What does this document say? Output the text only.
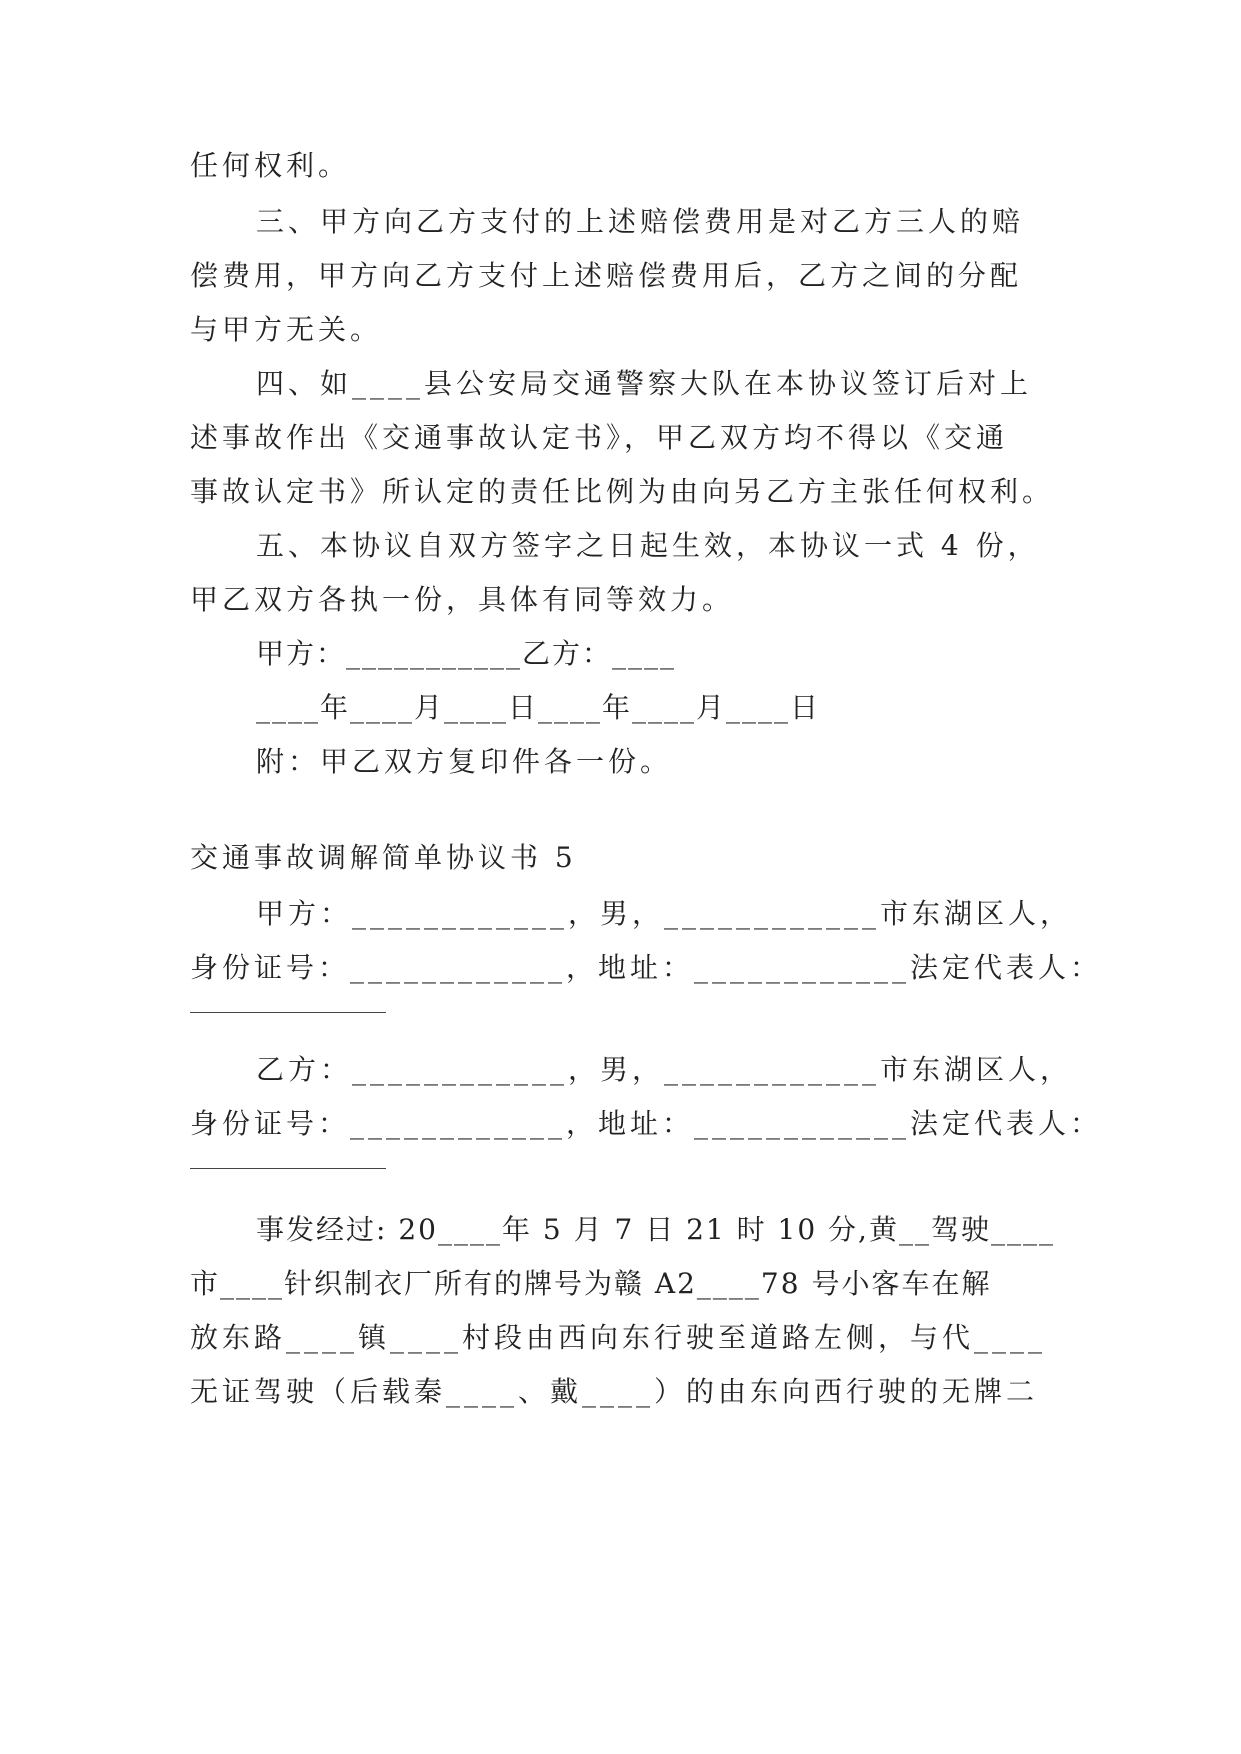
任何权利。
三、甲方向乙方支付的上述赔偿费用是对乙方三人的赔
偿费用，甲方向乙方支付上述赔偿费用后，乙方之间的分配
与甲方无关。
四、如____县公安局交通警察大队在本协议签订后对上
述事故作出《交通事故认定书》，甲乙双方均不得以《交通
事故认定书》所认定的责任比例为由向另乙方主张任何权利。
五、本协议自双方签字之日起生效，本协议一式 4 份，
甲乙双方各执一份，具体有同等效力。
甲方：___________乙方：____
____年____月____日____年____月____日
附：甲乙双方复印件各一份。
交通事故调解简单协议书 5
甲方：____________，男，____________市东湖区人，
身份证号：____________，地址：____________法定代表人：
乙方：____________，男，____________市东湖区人，
身份证号：____________，地址：____________法定代表人：
事发经过: 20____年 5 月 7 日 21 时 10 分,黄__驾驶____
市____针织制衣厂所有的牌号为赣 A2____78 号小客车在解
放东路____镇____村段由西向东行驶至道路左侧，与代____
无证驾驶（后载秦____、戴____）的由东向西行驶的无牌二
